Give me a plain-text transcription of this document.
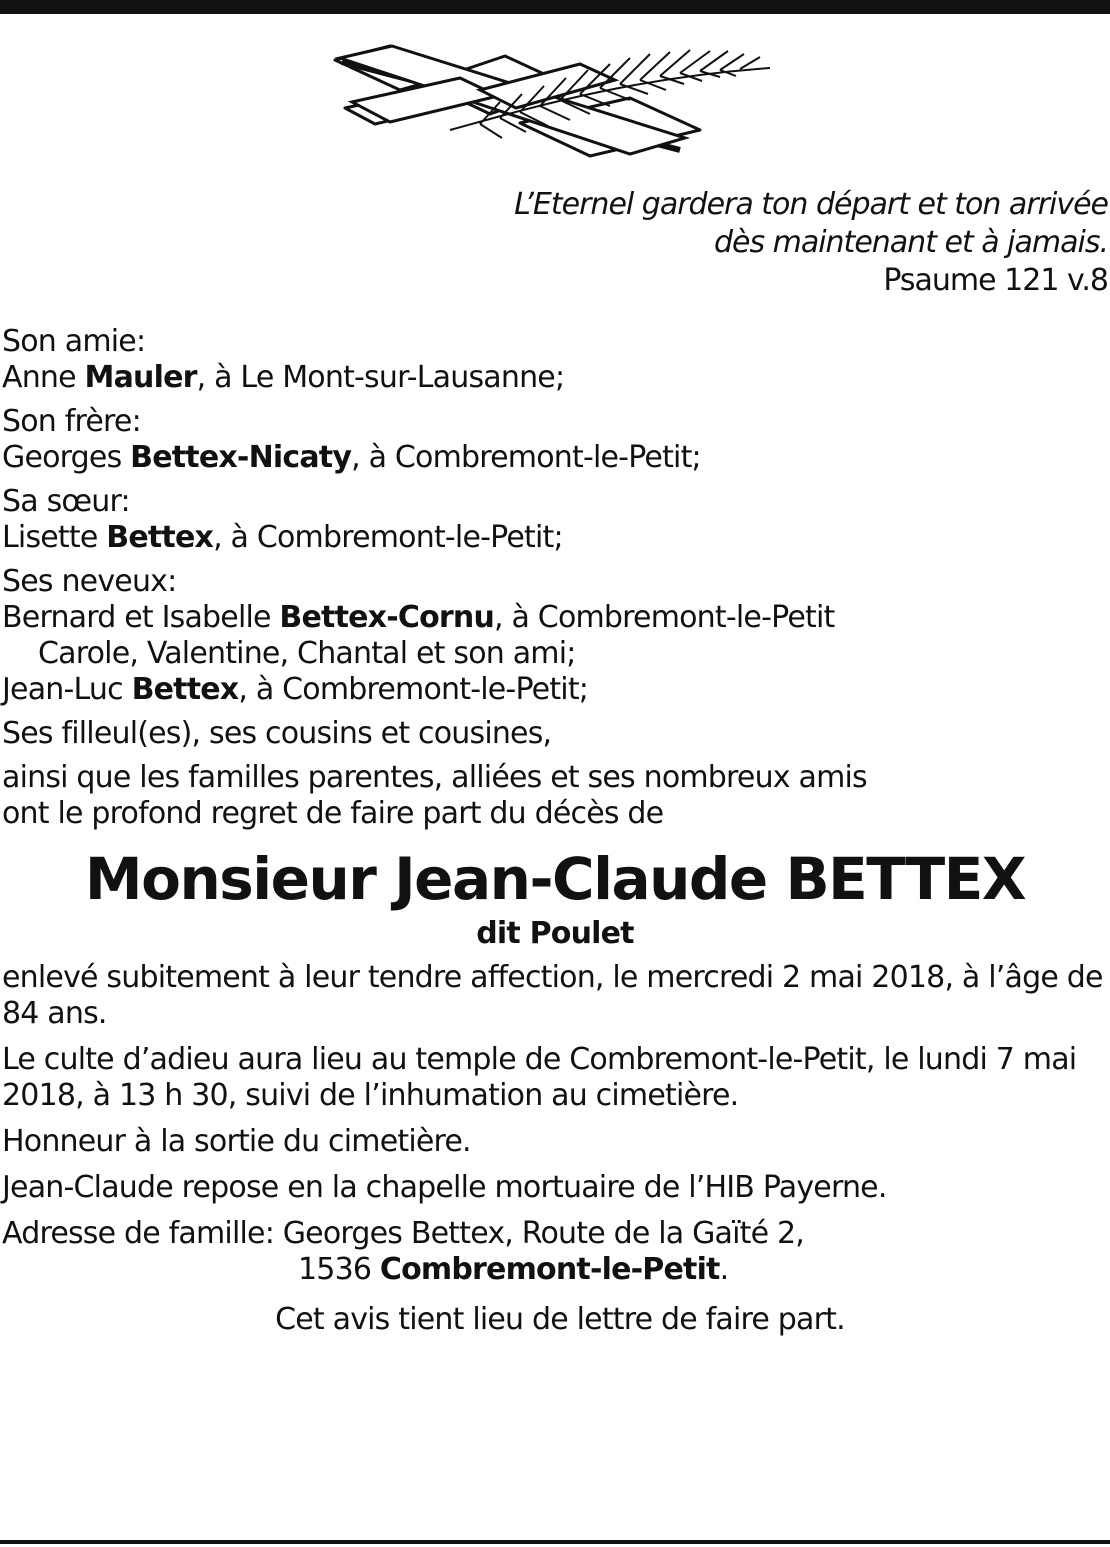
L’Eternel gardera ton départ et ton arrivée
dès maintenant et à jamais.
Psaume 121 v.8
Son amie:
Anne Mauler, à Le Mont-sur-Lausanne;
Son frère:
Georges Bettex-Nicaty, à Combremont-le-Petit;
Sa sœur:
Lisette Bettex, à Combremont-le-Petit;
Ses neveux:
Bernard et Isabelle Bettex-Cornu, à Combremont-le-Petit
Carole, Valentine, Chantal et son ami;
Jean-Luc Bettex, à Combremont-le-Petit;
Ses filleul(es), ses cousins et cousines,
ainsi que les familles parentes, alliées et ses nombreux amis
ont le profond regret de faire part du décès de
Monsieur Jean-Claude BETTEX
dit Poulet
enlevé subitement à leur tendre affection, le mercredi 2 mai 2018, à l’âge de 84 ans.
Le culte d’adieu aura lieu au temple de Combremont-le-Petit, le lundi 7 mai 2018, à 13 h 30, suivi de l’inhumation au cimetière.
Honneur à la sortie du cimetière.
Jean-Claude repose en la chapelle mortuaire de l’HIB Payerne.
Adresse de famille: Georges Bettex, Route de la Gaïté 2,
1536 Combremont-le-Petit.
Cet avis tient lieu de lettre de faire part.
